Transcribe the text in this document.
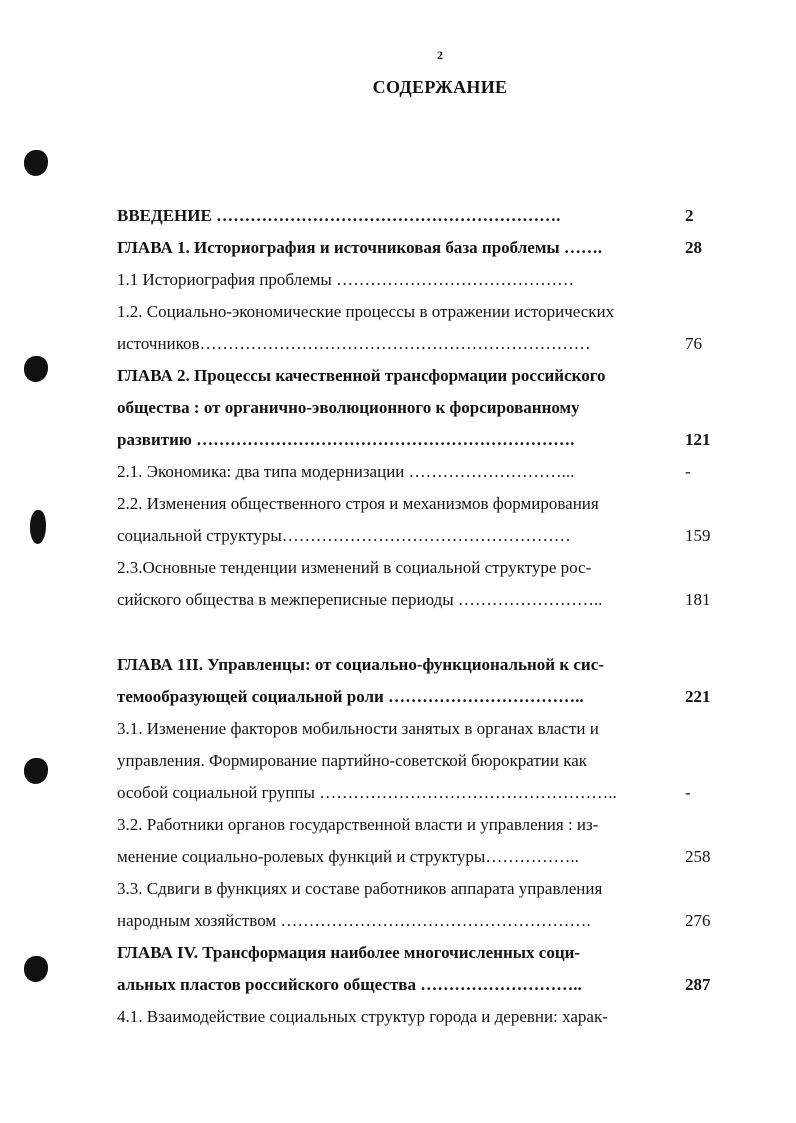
2
СОДЕРЖАНИЕ
ВВЕДЕНИЕ …………………………………………………….	2
ГЛАВА 1. Историография и источниковая база проблемы …….	28
1.1 Историография проблемы ……………………………………
1.2. Социально-экономические процессы в отражении исторических
источников……………………………………………………………	76
ГЛАВА 2. Процессы качественной трансформации российского
общества : от органично-эволюционного к форсированному
развитию ………………………………………………………….	121
2.1. Экономика: два типа модернизации ………………………...	-
2.2. Изменения общественного строя и механизмов формирования
социальной структуры……………………………………………	159
2.3.Основные тенденции изменений в социальной структуре рос-
сийского общества в межпереписные периоды ……………………..	181
ГЛАВА 1II. Управленцы: от социально-функциональной к сис-
темообразующей социальной роли ……………………………..	221
3.1. Изменение факторов мобильности занятых в органах власти и
управления. Формирование партийно-советской бюрократии как
особой социальной группы ……………………………………………..	-
3.2. Работники органов государственной власти и управления : из-
менение социально-ролевых функций и структуры……………..	258
3.3. Сдвиги в функциях и составе работников аппарата управления
народным хозяйством ……………………………………………….	276
ГЛАВА IV. Трансформация наиболее многочисленных соци-
альных пластов российского общества ………………………..	287
4.1. Взаимодействие социальных структур города и деревни: харак-
